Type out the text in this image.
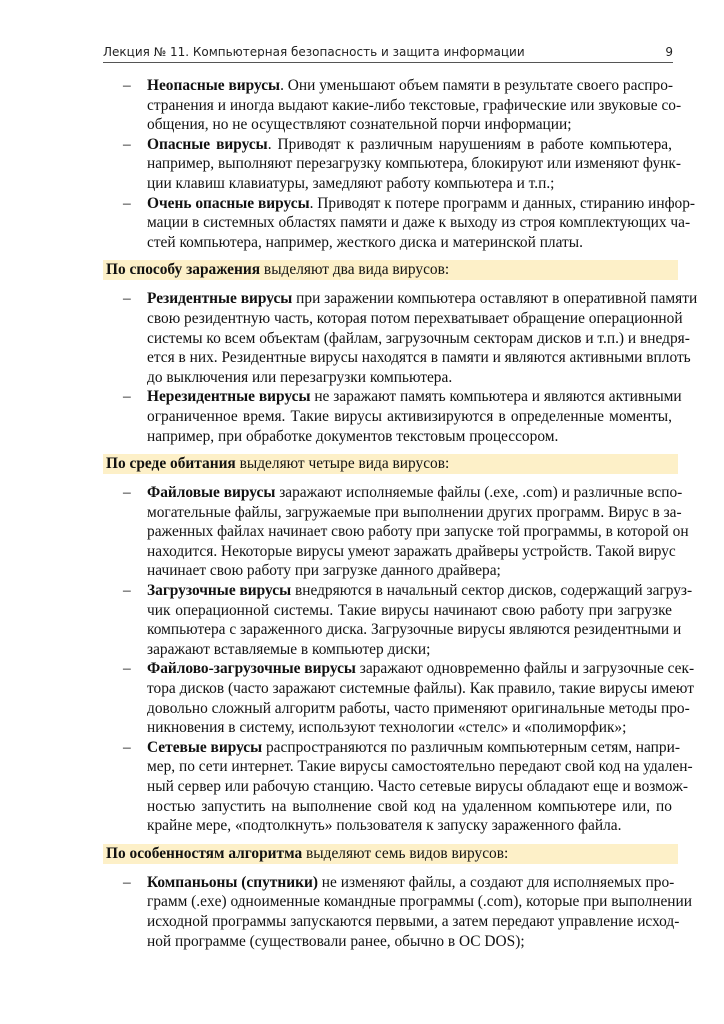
Лекция № 11. Компьютерная безопасность и защита информации	9
– Неопасные вирусы. Они уменьшают объем памяти в результате своего распро-
странения и иногда выдают какие-либо текстовые, графические или звуковые со-
общения, но не осуществляют сознательной порчи информации;
– Опасные вирусы. Приводят к различным нарушениям в работе компьютера,
например, выполняют перезагрузку компьютера, блокируют или изменяют функ-
ции клавиш клавиатуры, замедляют работу компьютера и т.п.;
– Очень опасные вирусы. Приводят к потере программ и данных, стиранию инфор-
мации в системных областях памяти и даже к выходу из строя комплектующих ча-
стей компьютера, например, жесткого диска и материнской платы.
По способу заражения выделяют два вида вирусов:
– Резидентные вирусы при заражении компьютера оставляют в оперативной памяти
свою резидентную часть, которая потом перехватывает обращение операционной
системы ко всем объектам (файлам, загрузочным секторам дисков и т.п.) и внедря-
ется в них. Резидентные вирусы находятся в памяти и являются активными вплоть
до выключения или перезагрузки компьютера.
– Нерезидентные вирусы не заражают память компьютера и являются активными
ограниченное время. Такие вирусы активизируются в определенные моменты,
например, при обработке документов текстовым процессором.
По среде обитания выделяют четыре вида вирусов:
– Файловые вирусы заражают исполняемые файлы (.exe, .com) и различные вспо-
могательные файлы, загружаемые при выполнении других программ. Вирус в за-
раженных файлах начинает свою работу при запуске той программы, в которой он
находится. Некоторые вирусы умеют заражать драйверы устройств. Такой вирус
начинает свою работу при загрузке данного драйвера;
– Загрузочные вирусы внедряются в начальный сектор дисков, содержащий загруз-
чик операционной системы. Такие вирусы начинают свою работу при загрузке
компьютера с зараженного диска. Загрузочные вирусы являются резидентными и
заражают вставляемые в компьютер диски;
– Файлово-загрузочные вирусы заражают одновременно файлы и загрузочные сек-
тора дисков (часто заражают системные файлы). Как правило, такие вирусы имеют
довольно сложный алгоритм работы, часто применяют оригинальные методы про-
никновения в систему, используют технологии «стелс» и «полиморфик»;
– Сетевые вирусы распространяются по различным компьютерным сетям, напри-
мер, по сети интернет. Такие вирусы самостоятельно передают свой код на удален-
ный сервер или рабочую станцию. Часто сетевые вирусы обладают еще и возмож-
ностью запустить на выполнение свой код на удаленном компьютере или, по
крайне мере, «подтолкнуть» пользователя к запуску зараженного файла.
По особенностям алгоритма выделяют семь видов вирусов:
– Компаньоны (спутники) не изменяют файлы, а создают для исполняемых про-
грамм (.exe) одноименные командные программы (.com), которые при выполнении
исходной программы запускаются первыми, а затем передают управление исход-
ной программе (существовали ранее, обычно в ОС DOS);
